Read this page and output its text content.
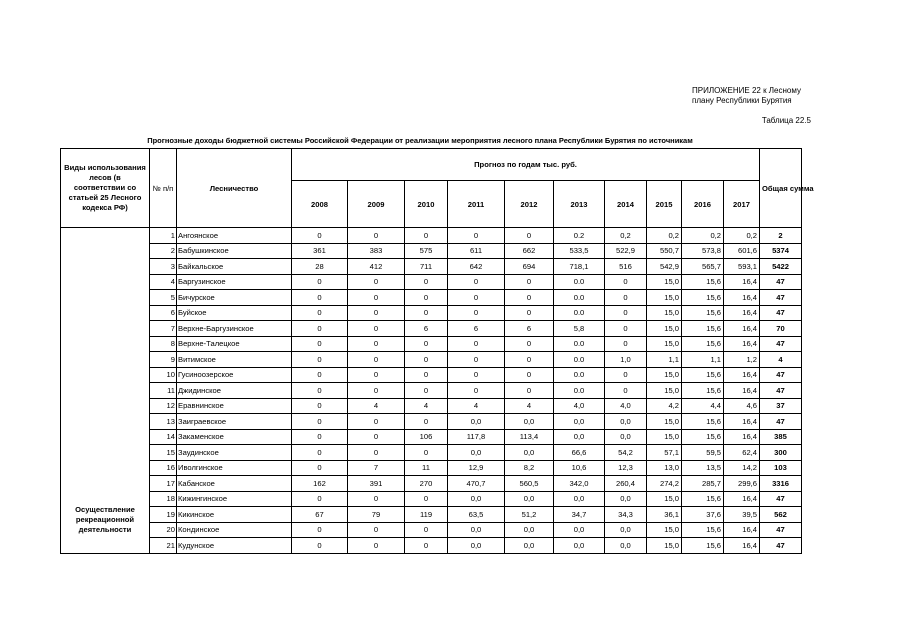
ПРИЛОЖЕНИЕ 22 к Лесному
плану Республики Бурятия
Таблица 22.5
Прогнозные доходы бюджетной системы Российской Федерации от реализации мероприятия лесного плана Республики Бурятия по источникам
Виды использования лесов (в соответствии со статьей 25 Лесного кодекса РФ)	№ п/п	Лесничество	Прогноз по годам тыс. руб.										Общая сумма
			2008	2009	2010	2011	2012	2013	2014	2015	2016	2017	
Осуществление рекреационной деятельности	1	Ангоянское	0	0	0	0	0	0.2	0,2	0,2	0,2	0,2	2
	2	Бабушкинское	361	383	575	611	662	533,5	522,9	550,7	573,8	601,6	5374
	3	Байкальское	28	412	711	642	694	718,1	516	542,9	565,7	593,1	5422
	4	Баргузинское	0	0	0	0	0	0.0	0	15,0	15,6	16,4	47
	5	Бичурское	0	0	0	0	0	0.0	0	15,0	15,6	16,4	47
	6	Буйское	0	0	0	0	0	0.0	0	15,0	15,6	16,4	47
	7	Верхне-Баргузинское	0	0	6	6	6	5,8	0	15,0	15,6	16,4	70
	8	Верхне-Талецкое	0	0	0	0	0	0.0	0	15,0	15,6	16,4	47
	9	Витимское	0	0	0	0	0	0.0	1,0	1,1	1,1	1,2	4
	10	Гусиноозерское	0	0	0	0	0	0.0	0	15,0	15,6	16,4	47
	11	Джидинское	0	0	0	0	0	0.0	0	15,0	15,6	16,4	47
	12	Еравнинское	0	4	4	4	4	4,0	4,0	4,2	4,4	4,6	37
	13	Заиграевское	0	0	0	0,0	0,0	0,0	0,0	15,0	15,6	16,4	47
	14	Закаменское	0	0	106	117,8	113,4	0,0	0,0	15,0	15,6	16,4	385
	15	Заудинское	0	0	0	0,0	0,0	66,6	54,2	57,1	59,5	62,4	300
	16	Иволгинское	0	7	11	12,9	8,2	10,6	12,3	13,0	13,5	14,2	103
	17	Кабанское	162	391	270	470,7	560,5	342,0	260,4	274,2	285,7	299,6	3316
	18	Кижингинское	0	0	0	0,0	0,0	0,0	0,0	15,0	15,6	16,4	47
	19	Кикинское	67	79	119	63,5	51,2	34,7	34,3	36,1	37,6	39,5	562
	20	Кондинское	0	0	0	0,0	0,0	0,0	0,0	15,0	15,6	16,4	47
	21	Кудунское	0	0	0	0,0	0,0	0,0	0,0	15,0	15,6	16,4	47
